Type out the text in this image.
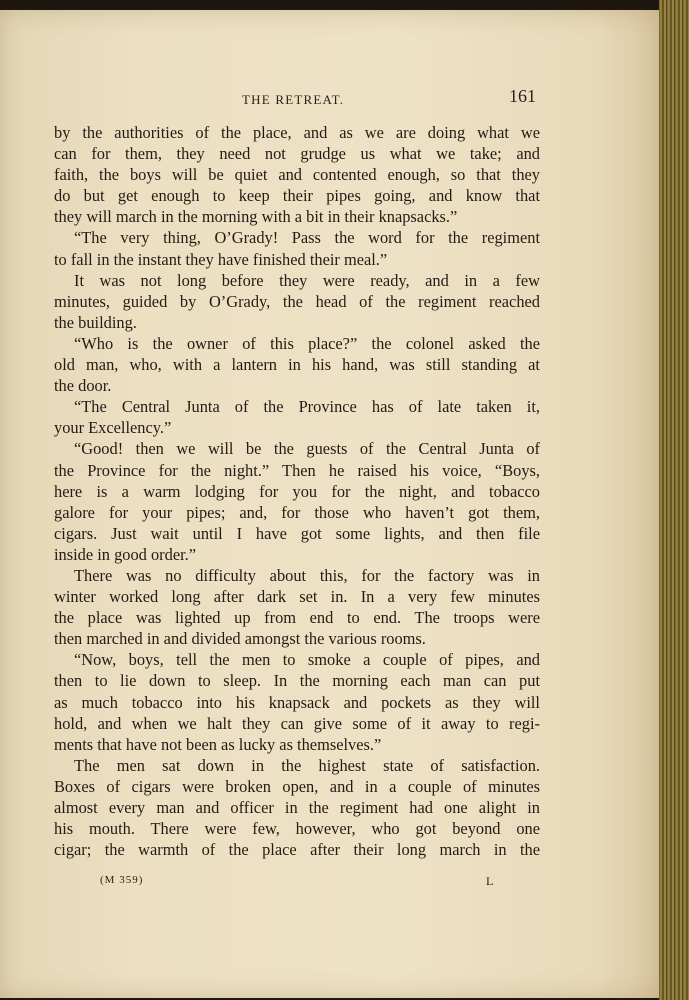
THE RETREAT.	161
by the authorities of the place, and as we are doing what we
can for them, they need not grudge us what we take; and
faith, the boys will be quiet and contented enough, so that they
do but get enough to keep their pipes going, and know that
they will march in the morning with a bit in their knapsacks.”
“The very thing, O’Grady! Pass the word for the regiment
to fall in the instant they have finished their meal.”
It was not long before they were ready, and in a few
minutes, guided by O’Grady, the head of the regiment reached
the building.
“Who is the owner of this place?” the colonel asked the
old man, who, with a lantern in his hand, was still standing at
the door.
“The Central Junta of the Province has of late taken it,
your Excellency.”
“Good! then we will be the guests of the Central Junta of
the Province for the night.” Then he raised his voice, “Boys,
here is a warm lodging for you for the night, and tobacco
galore for your pipes; and, for those who haven’t got them,
cigars. Just wait until I have got some lights, and then file
inside in good order.”
There was no difficulty about this, for the factory was in
winter worked long after dark set in. In a very few minutes
the place was lighted up from end to end. The troops were
then marched in and divided amongst the various rooms.
“Now, boys, tell the men to smoke a couple of pipes, and
then to lie down to sleep. In the morning each man can put
as much tobacco into his knapsack and pockets as they will
hold, and when we halt they can give some of it away to regi-
ments that have not been as lucky as themselves.”
The men sat down in the highest state of satisfaction.
Boxes of cigars were broken open, and in a couple of minutes
almost every man and officer in the regiment had one alight in
his mouth. There were few, however, who got beyond one
cigar; the warmth of the place after their long march in the
(M 359)	L
